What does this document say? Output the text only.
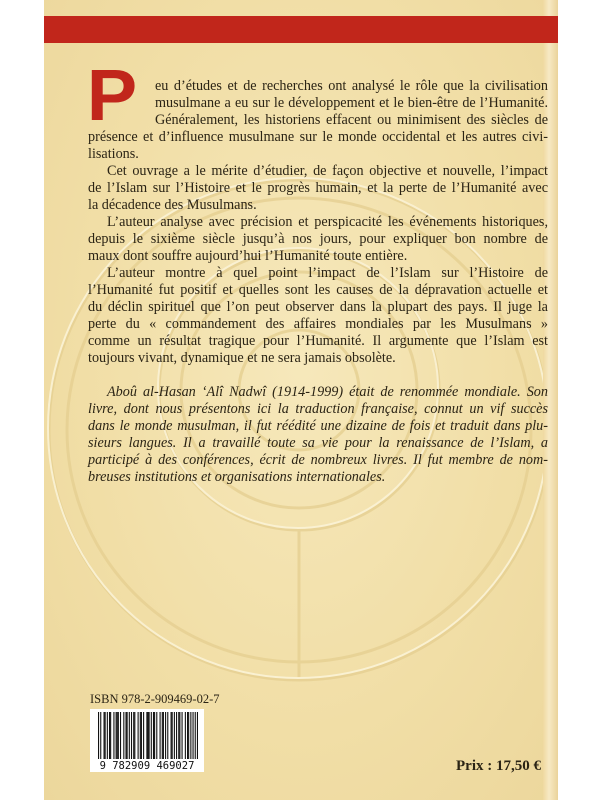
P	eu d’études et de recherches ont analysé le rôle que la civilisation
musulmane a eu sur le développement et le bien-être de l’Humanité.
Généralement, les historiens effacent ou minimisent des siècles de
présence et d’influence musulmane sur le monde occidental et les autres civi-
lisations.
Cet ouvrage a le mérite d’étudier, de façon objective et nouvelle, l’impact
de l’Islam sur l’Histoire et le progrès humain, et la perte de l’Humanité avec
la décadence des Musulmans.
L’auteur analyse avec précision et perspicacité les événements historiques,
depuis le sixième siècle jusqu’à nos jours, pour expliquer bon nombre de
maux dont souffre aujourd’hui l’Humanité toute entière.
L’auteur montre à quel point l’impact de l’Islam sur l’Histoire de
l’Humanité fut positif et quelles sont les causes de la dépravation actuelle et
du déclin spirituel que l’on peut observer dans la plupart des pays. Il juge la
perte du « commandement des affaires mondiales par les Musulmans »
comme un résultat tragique pour l’Humanité. Il argumente que l’Islam est
toujours vivant, dynamique et ne sera jamais obsolète.
Aboû al-Hasan ‘Alî Nadwî (1914-1999) était de renommée mondiale. Son
livre, dont nous présentons ici la traduction française, connut un vif succès
dans le monde musulman, il fut réédité une dizaine de fois et traduit dans plu-
sieurs langues. Il a travaillé toute sa vie pour la renaissance de l’Islam, a
participé à des conférences, écrit de nombreux livres. Il fut membre de nom-
breuses institutions et organisations internationales.
ISBN 978-2-909469-02-7
9 782909 469027	Prix : 17,50 €
